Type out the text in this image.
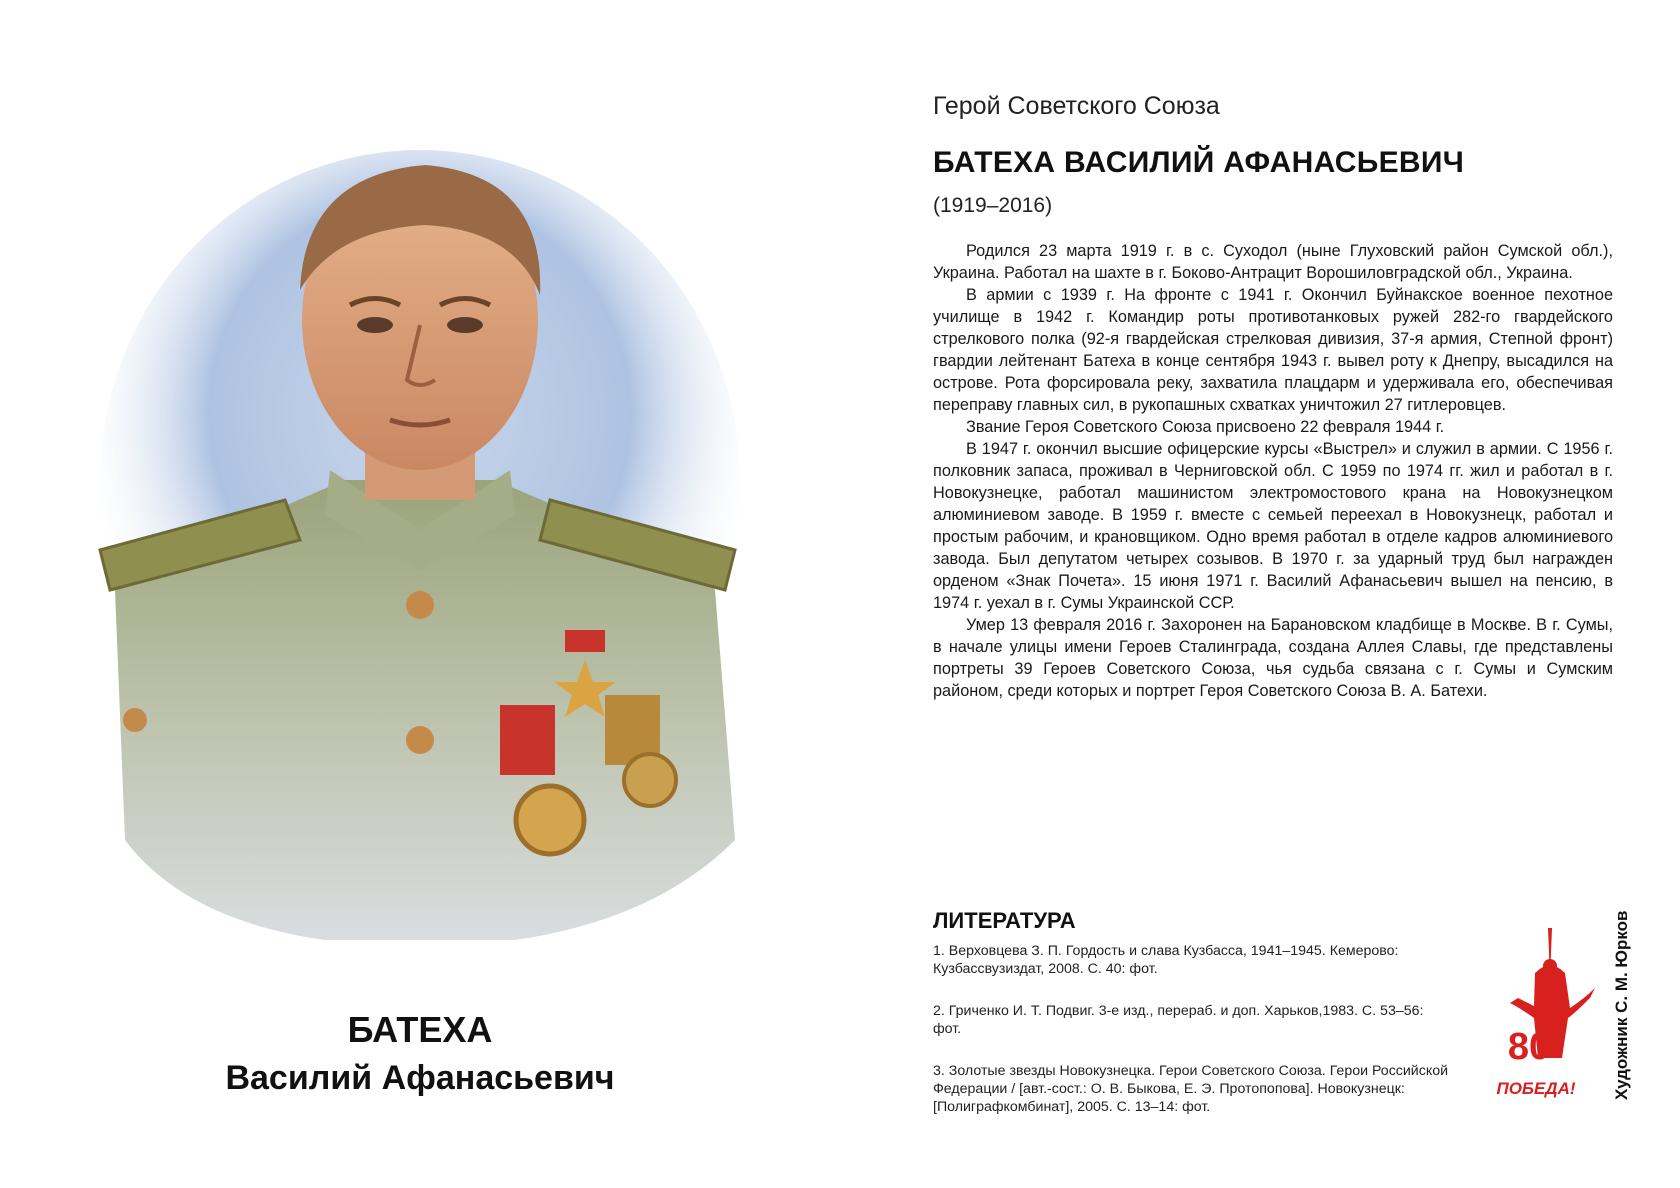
БАТЕХА
Василий Афанасьевич
Герой Советского Союза
БАТЕХА ВАСИЛИЙ АФАНАСЬЕВИЧ
(1919–2016)

Родился 23 марта 1919 г. в с. Суходол (ныне Глуховский район Сумской обл.), Украина. Работал на шахте в г. Боково-Антрацит Ворошиловградской обл., Украина.

В армии с 1939 г. На фронте с 1941 г. Окончил Буйнакское военное пехотное училище в 1942 г. Командир роты противотанковых ружей 282-го гвардейского стрелкового полка (92-я гвардейская стрелковая дивизия, 37-я армия, Степной фронт) гвардии лейтенант Батеха в конце сентября 1943 г. вывел роту к Днепру, высадился на острове. Рота форсировала реку, захватила плацдарм и удерживала его, обеспечивая переправу главных сил, в рукопашных схватках уничтожил 27 гитлеровцев.

Звание Героя Советского Союза присвоено 22 февраля 1944 г.

В 1947 г. окончил высшие офицерские курсы «Выстрел» и служил в армии. С 1956 г. полковник запаса, проживал в Черниговской обл. С 1959 по 1974 гг. жил и работал в г. Новокузнецке, работал машинистом электромостового крана на Новокузнецком алюминиевом заводе. В 1959 г. вместе с семьей переехал в Новокузнецк, работал и простым рабочим, и крановщиком. Одно время работал в отделе кадров алюминиевого завода. Был депутатом четырех созывов. В 1970 г. за ударный труд был награжден орденом «Знак Почета». 15 июня 1971 г. Василий Афанасьевич вышел на пенсию, в 1974 г. уехал в г. Сумы Украинской ССР.

Умер 13 февраля 2016 г. Захоронен на Барановском кладбище в Москве. В г. Сумы, в начале улицы имени Героев Сталинграда, создана Аллея Славы, где представлены портреты 39 Героев Советского Союза, чья судьба связана с г. Сумы и Сумским районом, среди которых и портрет Героя Советского Союза В. А. Батехи.

ЛИТЕРАТУРА

1. Верховцева З. П. Гордость и слава Кузбасса, 1941–1945. Кемерово: Кузбассвузиздат, 2008. С. 40: фот.

2. Гриченко И. Т. Подвиг. 3-е изд., перераб. и доп. Харьков,1983. С. 53–56: фот.

3. Золотые звезды Новокузнецка. Герои Советского Союза. Герои Российской Федерации / [авт.-сост.: О. В. Быкова, Е. Э. Протопопова]. Новокузнецк: [Полиграфкомбинат], 2005. С. 13–14: фот.

80
ПОБЕДА!	Художник С. М. Юрков
